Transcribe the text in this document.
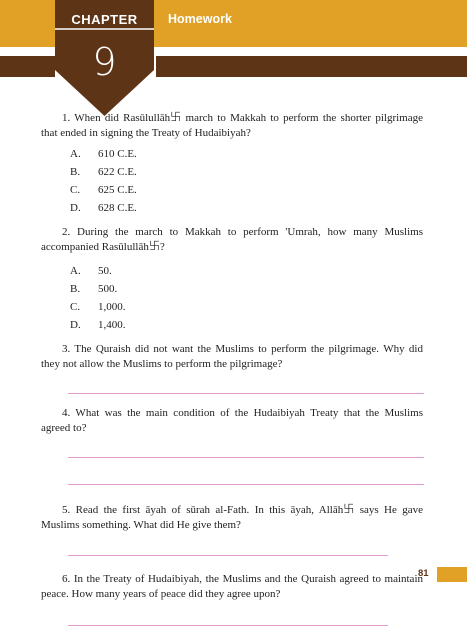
CHAPTER
9
Homework

1. When did Rasūlullāh࿕ march to Makkah to perform the shorter pilgrimage that ended in signing the Treaty of Hudaibiyah?

A.	610 C.E.
B.	622 C.E.
C.	625 C.E.
D.	628 C.E.

2. During the march to Makkah to perform 'Umrah, how many Muslims accompanied Rasūlullāh࿕?

A.	50.
B.	500.
C.	1,000.
D.	1,400.

3. The Quraish did not want the Muslims to perform the pilgrimage. Why did they not allow the Muslims to perform the pilgrimage?

4. What was the main condition of the Hudaibiyah Treaty that the Muslims agreed to?

5. Read the first āyah of sūrah al-Fath. In this āyah, Allāh࿕ says He gave Muslims something. What did He give them?

6. In the Treaty of Hudaibiyah, the Muslims and the Quraish agreed to maintain peace. How many years of peace did they agree upon?

81
